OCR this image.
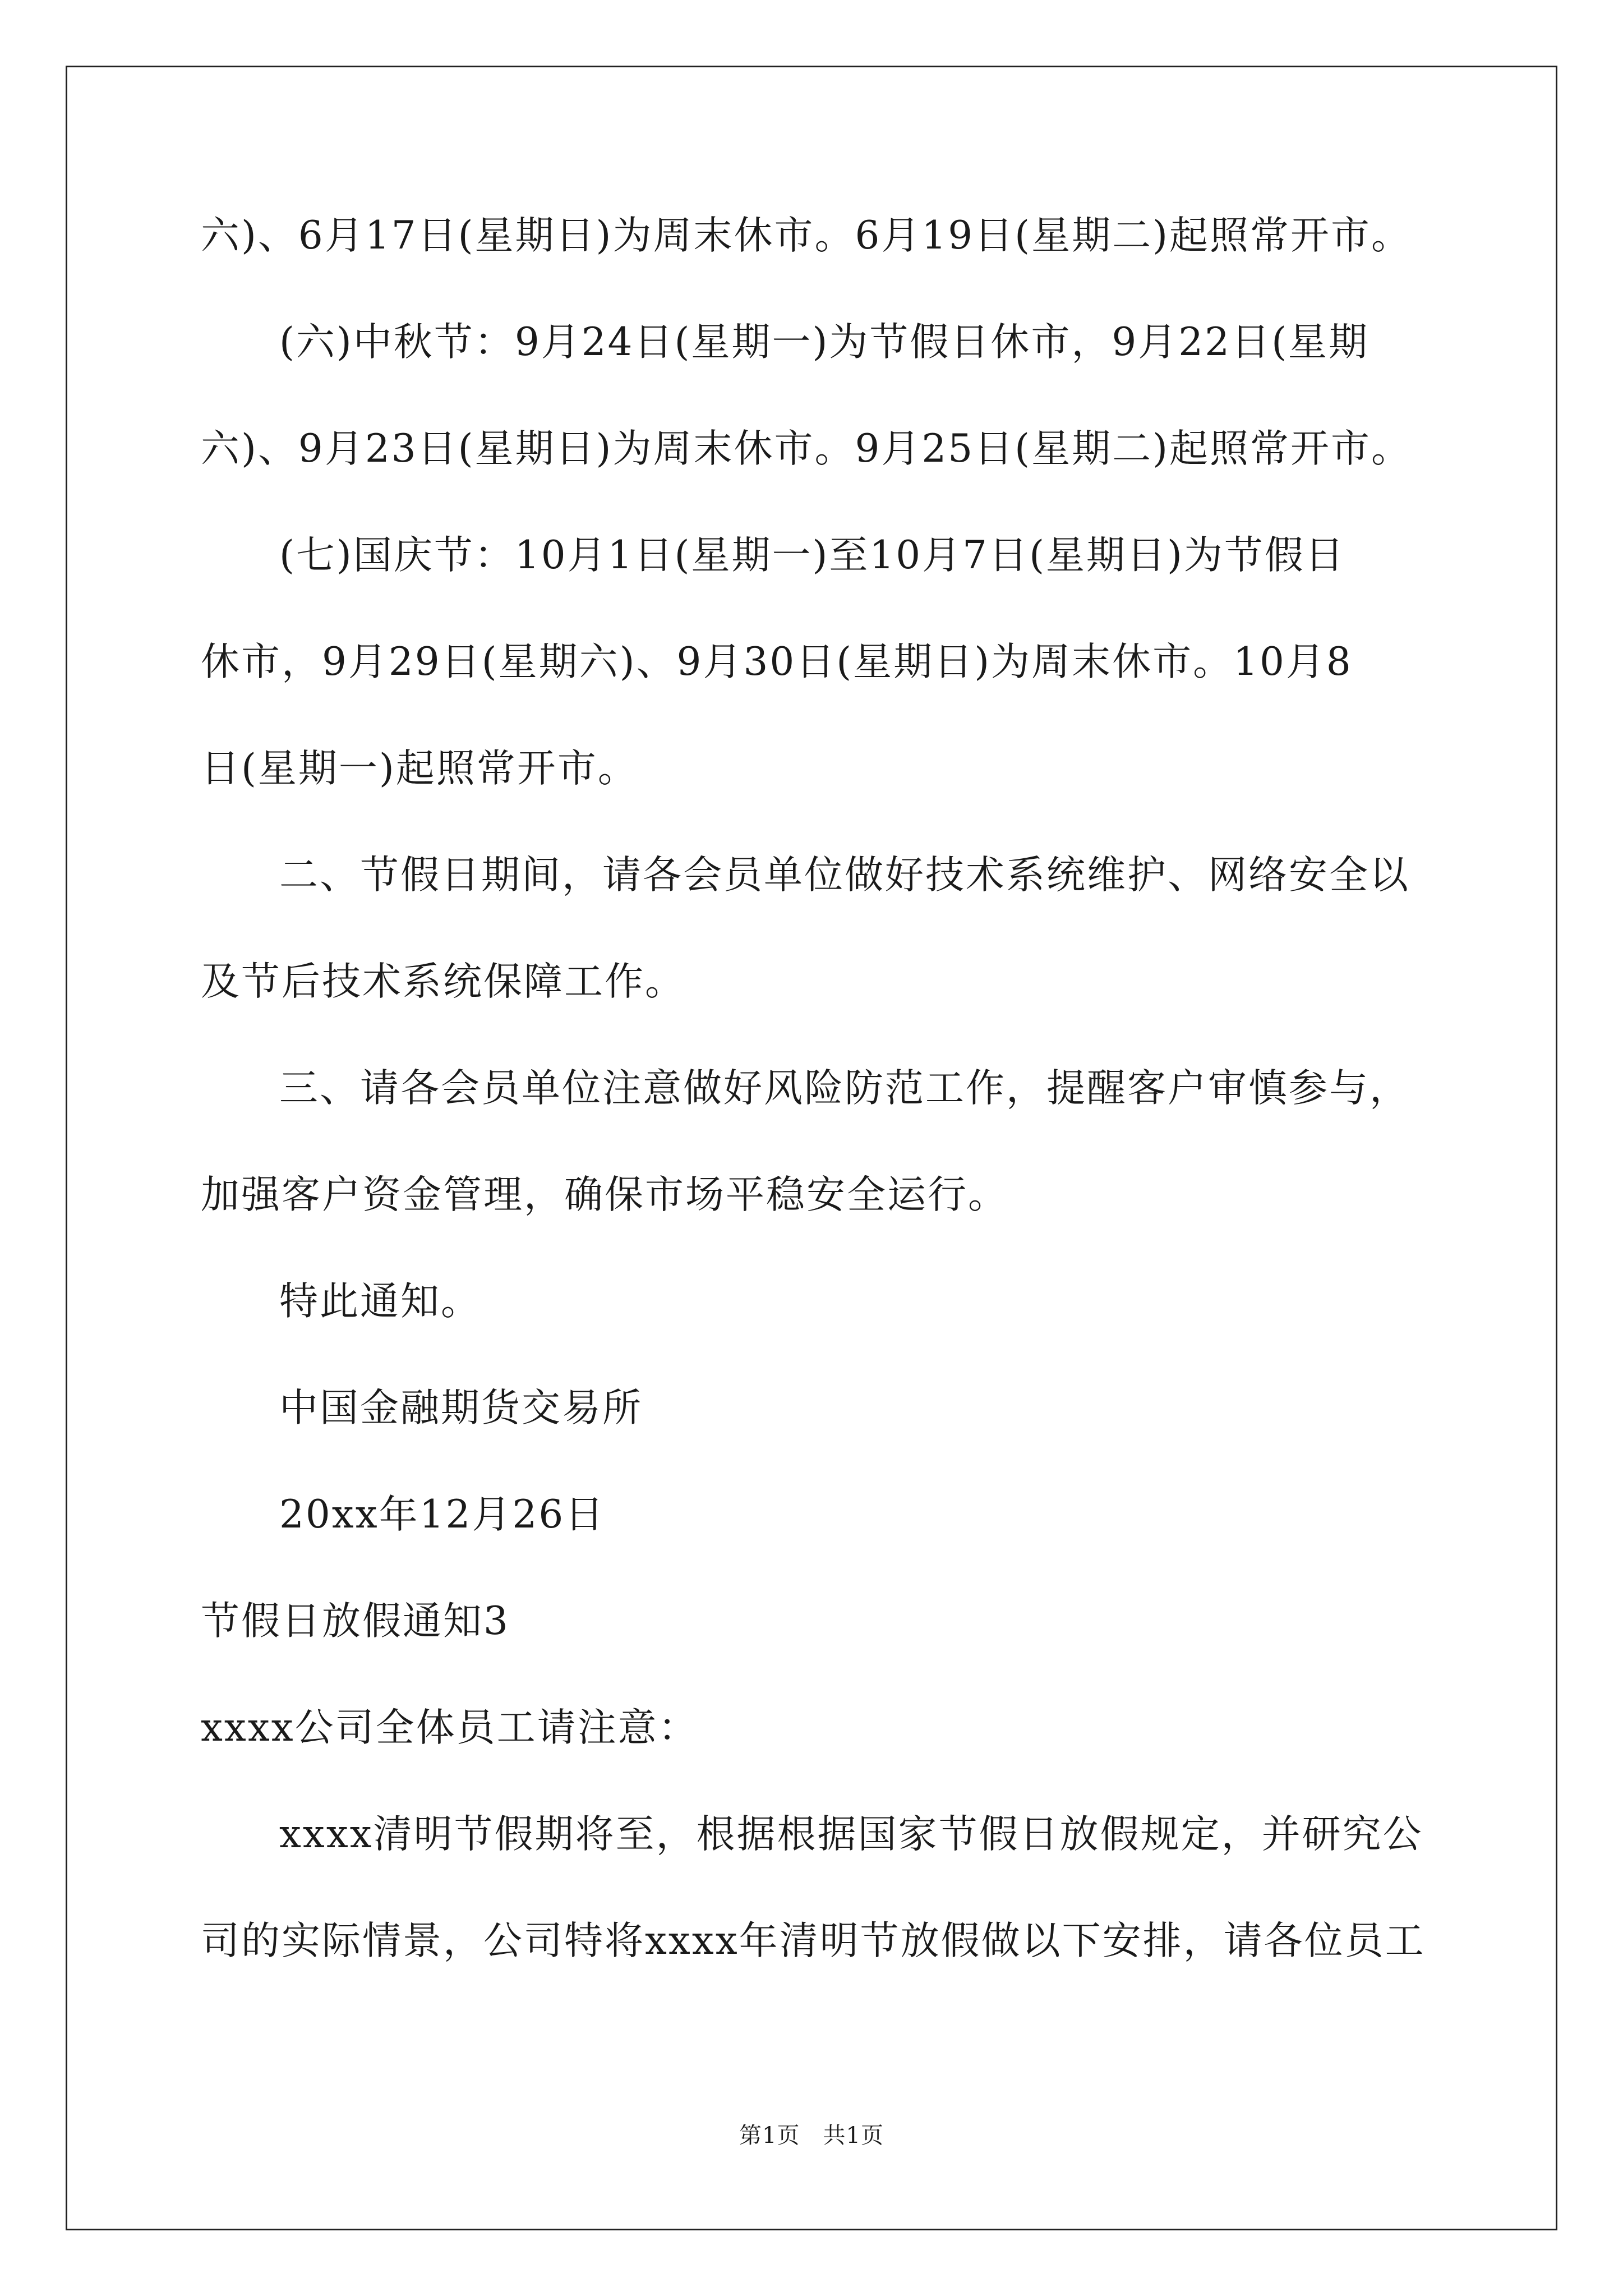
六)、6月17日(星期日)为周末休市。6月19日(星期二)起照常开市。
(六)中秋节：9月24日(星期一)为节假日休市，9月22日(星期
六)、9月23日(星期日)为周末休市。9月25日(星期二)起照常开市。
(七)国庆节：10月1日(星期一)至10月7日(星期日)为节假日
休市，9月29日(星期六)、9月30日(星期日)为周末休市。10月8
日(星期一)起照常开市。
二、节假日期间，请各会员单位做好技术系统维护、网络安全以
及节后技术系统保障工作。
三、请各会员单位注意做好风险防范工作，提醒客户审慎参与，
加强客户资金管理，确保市场平稳安全运行。
特此通知。
中国金融期货交易所
20xx年12月26日
节假日放假通知3
xxxx公司全体员工请注意：
xxxx清明节假期将至，根据根据国家节假日放假规定，并研究公
司的实际情景，公司特将xxxx年清明节放假做以下安排，请各位员工
第1页　共1页
